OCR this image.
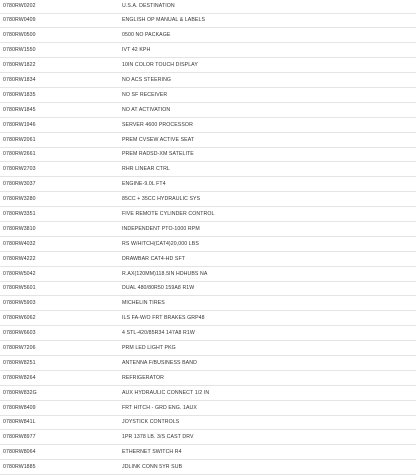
0780RW0202	U.S.A. DESTINATION
0780RW0409	ENGLISH OP MANUAL & LABELS
0780RW0500	0500 NO PACKAGE
0780RW1550	IVT 42 KPH
0780RW1822	10IN COLOR TOUCH DISPLAY
0780RW1834	NO ACS STEERING
0780RW1835	NO SF RECEIVER
0780RW1845	NO AT ACTIVATION
0780RW1946	SERVER 4600 PROCESSOR
0780RW2061	PREM CVSEW ACTIVE SEAT
0780RW2661	PREM RADSD-XM SATELITE
0780RW2703	RHR LINEAR CTRL
0780RW3037	ENGINE-9.0L FT4
0780RW3280	85CC + 35CC HYDRAULIC SYS
0780RW3351	FIVE REMOTE CYLINDER CONTROL
0780RW3810	INDEPENDENT PTO-1000 RPM
0780RW4032	RS W/HITCH(CAT4)20,000 LBS
0780RW4222	DRAWBAR CAT4-HD SFT
0780RW5042	R.AX(120MM)118.5IN HDHUBS NA
0780RW5601	DUAL 480/80R50 159A8 R1W
0780RW5903	MICHELIN TIRES
0780RW6062	ILS FA-W/O FRT BRAKES GRP48
0780RW6603	4 STL-420/85R34 147A8 R1W
0780RW7206	PRM LED LIGHT PKG
0780RW8251	ANTENNA F/BUSINESS BAND
0780RW8264	REFRIGERATOR
0780RW832G	AUX HYDRAULIC CONNECT 1/2 IN
0780RW8409	FRT HITCH - GRD ENG. 1AUX
0780RW841L	JOYSTICK CONTROLS
0780RW8977	1PR 1378 LB. 3/S CAST DRV
0780RW8064	ETHERNET SWITCH R4
0780RW1885	JDLINK CONN 5YR SUB
